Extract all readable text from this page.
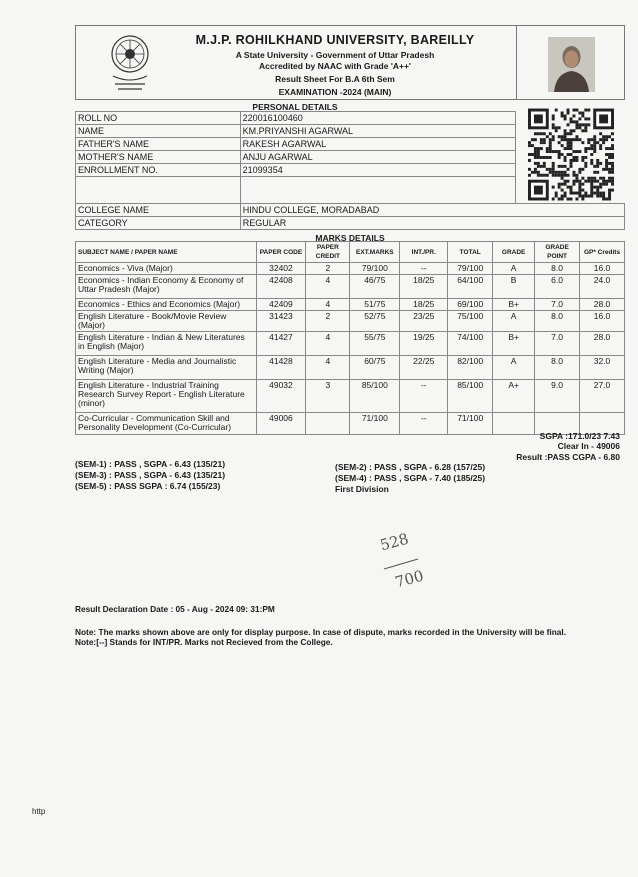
M.J.P. ROHILKHAND UNIVERSITY, BAREILLY
A State University - Government of Uttar Pradesh
Accredited by NAAC with Grade 'A++'
Result Sheet For B.A 6th Sem
EXAMINATION -2024 (MAIN)
PERSONAL DETAILS
ROLL NO	220016100460
NAME	KM.PRIYANSHI AGARWAL
FATHER'S NAME	RAKESH AGARWAL
MOTHER'S NAME	ANJU AGARWAL
ENROLLMENT NO.	21099354

COLLEGE NAME	HINDU COLLEGE, MORADABAD
CATEGORY	REGULAR
MARKS DETAILS
SUBJECT NAME / PAPER NAME	PAPER CODE	PAPER CREDIT	EXT.MARKS	INT./PR.	TOTAL	GRADE	GRADE POINT	GP* Credits
Economics - Viva (Major)	32402	2	79/100	--	79/100	A	8.0	16.0
Economics - Indian Economy & Economy of Uttar Pradesh (Major)	42408	4	46/75	18/25	64/100	B	6.0	24.0
Economics - Ethics and Economics (Major)	42409	4	51/75	18/25	69/100	B+	7.0	28.0
English Literature - Book/Movie Review (Major)	31423	2	52/75	23/25	75/100	A	8.0	16.0
English Literature - Indian & New Literatures in English (Major)	41427	4	55/75	19/25	74/100	B+	7.0	28.0
English Literature - Media and Journalistic Writing (Major)	41428	4	60/75	22/25	82/100	A	8.0	32.0
English Literature - Industrial Training Research Survey Report - English Literature (minor)	49032	3	85/100	--	85/100	A+	9.0	27.0
Co-Curricular - Communication Skill and Personality Development (Co-Curricular)	49006		71/100	--	71/100			
SGPA :171.0/23 7.43
Clear In - 49006
Result :PASS CGPA - 6.80
(SEM-1) : PASS , SGPA - 6.43 (135/21)
(SEM-3) : PASS , SGPA - 6.43 (135/21)
(SEM-5) : PASS SGPA : 6.74 (155/23)
(SEM-2) : PASS , SGPA - 6.28 (157/25)
(SEM-4) : PASS , SGPA - 7.40 (185/25)
First Division
528
700
Result Declaration Date : 05 - Aug - 2024 09: 31:PM
Note: The marks shown above are only for display purpose. In case of dispute, marks recorded in the University will be final.
Note:[--] Stands for INT/PR. Marks not Recieved from the College.
http
